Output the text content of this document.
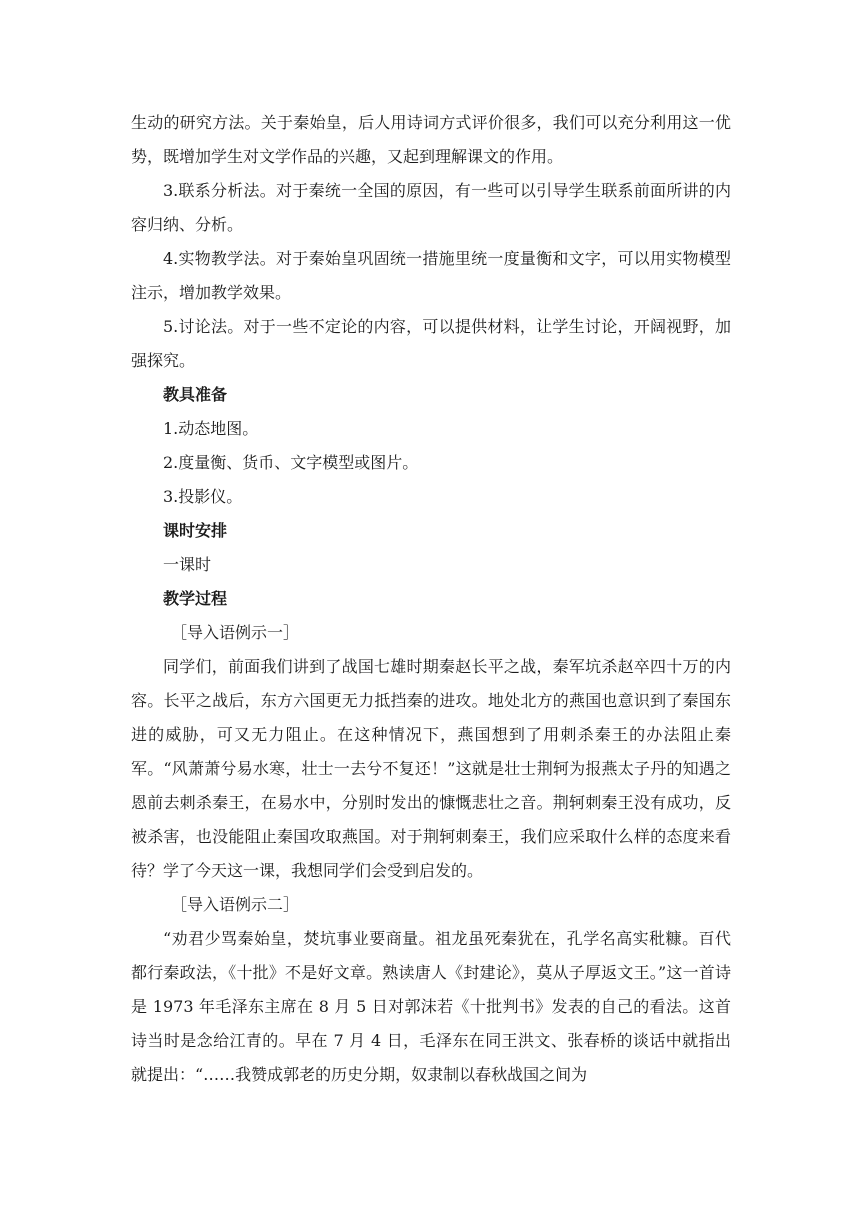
生动的研究方法。关于秦始皇，后人用诗词方式评价很多，我们可以充分利用这一优势，既增加学生对文学作品的兴趣，又起到理解课文的作用。

3.联系分析法。对于秦统一全国的原因，有一些可以引导学生联系前面所讲的内容归纳、分析。

4.实物教学法。对于秦始皇巩固统一措施里统一度量衡和文字，可以用实物模型注示，增加教学效果。

5.讨论法。对于一些不定论的内容，可以提供材料，让学生讨论，开阔视野，加强探究。

教具准备

1.动态地图。

2.度量衡、货币、文字模型或图片。

3.投影仪。

课时安排

一课时

教学过程

［导入语例示一］

同学们，前面我们讲到了战国七雄时期秦赵长平之战，秦军坑杀赵卒四十万的内容。长平之战后，东方六国更无力抵挡秦的进攻。地处北方的燕国也意识到了秦国东进的威胁，可又无力阻止。在这种情况下，燕国想到了用刺杀秦王的办法阻止秦军。“风萧萧兮易水寒，壮士一去兮不复还！”这就是壮士荆轲为报燕太子丹的知遇之恩前去刺杀秦王，在易水中，分别时发出的慷慨悲壮之音。荆轲刺秦王没有成功，反被杀害，也没能阻止秦国攻取燕国。对于荆轲刺秦王，我们应采取什么样的态度来看待？学了今天这一课，我想同学们会受到启发的。

［导入语例示二］

“劝君少骂秦始皇，焚坑事业要商量。祖龙虽死秦犹在，孔学名高实秕糠。百代都行秦政法，《十批》不是好文章。熟读唐人《封建论》，莫从子厚返文王。”这一首诗是 1973 年毛泽东主席在 8 月 5 日对郭沫若《十批判书》发表的自己的看法。这首诗当时是念给江青的。早在 7 月 4 日，毛泽东在同王洪文、张春桥的谈话中就指出就提出：“……我赞成郭老的历史分期，奴隶制以春秋战国之间为
